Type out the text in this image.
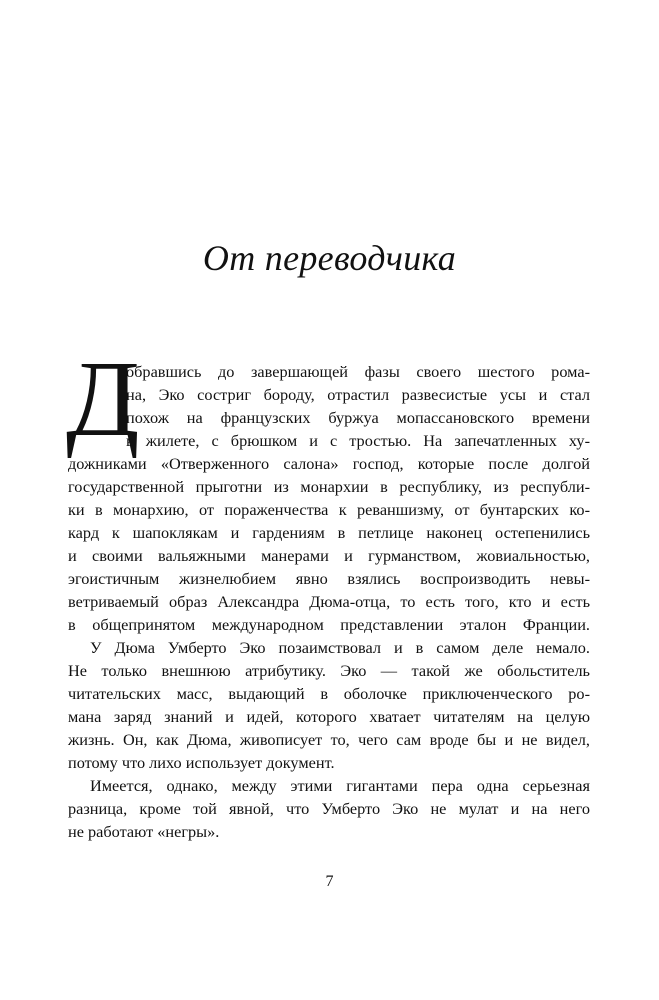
От переводчика
Д
обравшись до завершающей фазы своего шестого рома-
на, Эко состриг бороду, отрастил развесистые усы и стал
похож на французских буржуа мопассановского времени
в жилете, с брюшком и с тростью. На запечатленных ху-
дожниками «Отверженного салона» господ, которые после долгой
государственной прыготни из монархии в республику, из республи-
ки в монархию, от пораженчества к реваншизму, от бунтарских ко-
кард к шапоклякам и гардениям в петлице наконец остепенились
и своими вальяжными манерами и гурманством, жовиальностью,
эгоистичным жизнелюбием явно взялись воспроизводить невы-
ветриваемый образ Александра Дюма-отца, то есть того, кто и есть
в общепринятом международном представлении эталон Франции.
У Дюма Умберто Эко позаимствовал и в самом деле немало.
Не только внешнюю атрибутику. Эко — такой же обольститель
читательских масс, выдающий в оболочке приключенческого ро-
мана заряд знаний и идей, которого хватает читателям на целую
жизнь. Он, как Дюма, живописует то, чего сам вроде бы и не видел,
потому что лихо использует документ.
Имеется, однако, между этими гигантами пера одна серьезная
разница, кроме той явной, что Умберто Эко не мулат и на него
не работают «негры».
7
